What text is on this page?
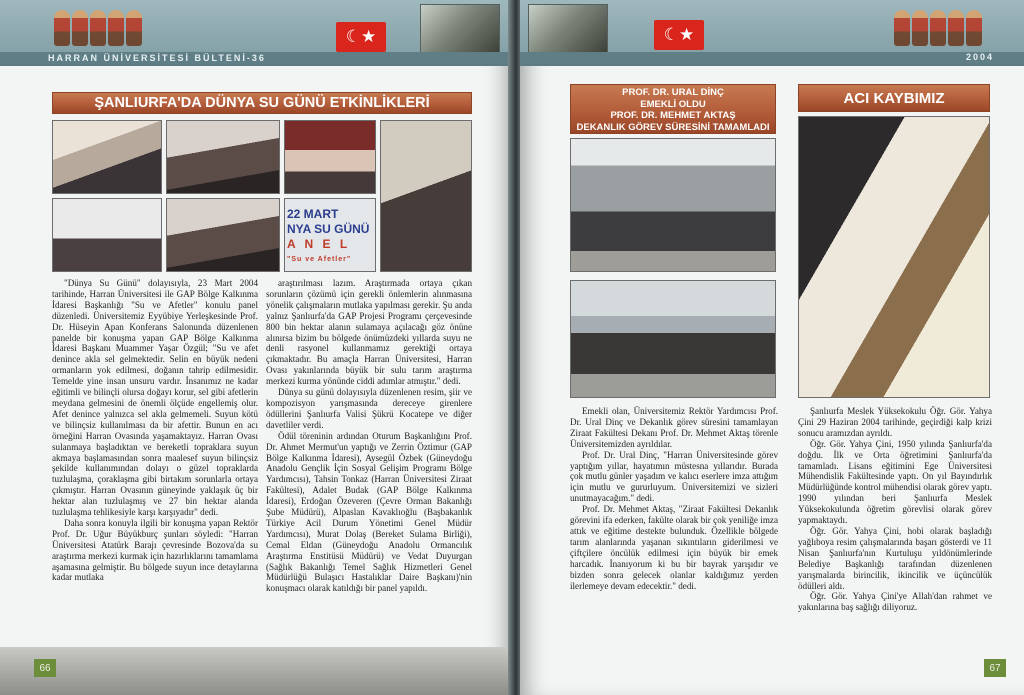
☾★
HARRAN ÜNİVERSİTESİ BÜLTENİ-36
ŞANLIURFA'DA DÜNYA SU GÜNÜ ETKİNLİKLERİ
22 MART
NYA SU GÜNÜ
A N E L
"Su ve Afetler"

"Dünya Su Günü" dolayısıyla, 23 Mart 2004 tarihinde, Harran Üniversitesi ile GAP Bölge Kalkınma İdaresi Başkanlığı "Su ve Afetler" konulu panel düzenledi. Üniversitemiz Eyyübiye Yerleşkesinde Prof. Dr. Hüseyin Apan Konferans Salonunda düzenlenen panelde bir konuşma yapan GAP Bölge Kalkınma İdaresi Başkanı Muammer Yaşar Özgül; "Su ve afet denince akla sel gelmektedir. Selin en büyük nedeni ormanların yok edilmesi, doğanın tahrip edilmesidir. Temelde yine insan unsuru vardır. İnsanımız ne kadar eğitimli ve bilinçli olursa doğayı korur, sel gibi afetlerin meydana gelmesini de önemli ölçüde engellemiş olur. Afet denince yalnızca sel akla gelmemeli. Suyun kötü ve bilinçsiz kullanılması da bir afettir. Bunun en acı örneğini Harran Ovasında yaşamaktayız. Harran Ovası sulanmaya başladıktan ve bereketli topraklara suyun akmaya başlamasından sonra maalesef suyun bilinçsiz şekilde kullanımından dolayı o güzel topraklarda tuzlulaşma, çoraklaşma gibi birtakım sorunlarla ortaya çıkmıştır. Harran Ovasının güneyinde yaklaşık üç bir hektar alan tuzlulaşmış ve 27 bin hektar alanda tuzlulaşma tehlikesiyle karşı karşıyadır" dedi.

Daha sonra konuyla ilgili bir konuşma yapan Rektör Prof. Dr. Uğur Büyükburç şunları söyledi: "Harran Üniversitesi Atatürk Barajı çevresinde Bozova'da su araştırma merkezi kurmak için hazırlıklarını tamamlama aşamasına gelmiştir. Bu bölgede suyun ince detaylarına kadar mutlaka

araştırılması lazım. Araştırmada ortaya çıkan sorunların çözümü için gerekli önlemlerin alınmasına yönelik çalışmaların mutlaka yapılması gerekir. Şu anda yalnız Şanlıurfa'da GAP Projesi Programı çerçevesinde 800 bin hektar alanın sulamaya açılacağı göz önüne alınırsa bizim bu bölgede önümüzdeki yıllarda suyu ne denli rasyonel kullanmamız gerektiği ortaya çıkmaktadır. Bu amaçla Harran Üniversitesi, Harran Ovası yakınlarında büyük bir sulu tarım araştırma merkezi kurma yönünde ciddi adımlar atmıştır." dedi.

Dünya su günü dolayısıyla düzenlenen resim, şiir ve kompozisyon yarışmasında dereceye girenlere ödüllerini Şanlıurfa Valisi Şükrü Kocatepe ve diğer davetliler verdi.

Ödül töreninin ardından Oturum Başkanlığını Prof. Dr. Ahmet Mermut'un yaptığı ve Zerrin Öztimur (GAP Bölge Kalkınma İdaresi), Aysegül Özbek (Güneydoğu Anadolu Gençlik İçin Sosyal Gelişim Programı Bölge Yardımcısı), Tahsin Tonkaz (Harran Üniversitesi Ziraat Fakültesi), Adalet Budak (GAP Bölge Kalkınma İdaresi), Erdoğan Özeveren (Çevre Orman Bakanlığı Şube Müdürü), Alpaslan Kavaklıoğlu (Başbakanlık Türkiye Acil Durum Yönetimi Genel Müdür Yardımcısı), Murat Dolaş (Bereket Sulama Birliği), Cemal Eldan (Güneydoğu Anadolu Ormancılık Araştırma Enstitüsü Müdürü) ve Vedat Duyurgan (Sağlık Bakanlığı Temel Sağlık Hizmetleri Genel Müdürlüğü Bulaşıcı Hastalıklar Daire Başkanı)'nin konuşmacı olarak katıldığı bir panel yapıldı.

66
☾★
2004
PROF. DR. URAL DİNÇ
EMEKLİ OLDU
PROF. DR. MEHMET AKTAŞ
DEKANLIK GÖREV SÜRESİNİ TAMAMLADI
ACI KAYBIMIZ

Emekli olan, Üniversitemiz Rektör Yardımcısı Prof. Dr. Ural Dinç ve Dekanlık görev süresini tamamlayan Ziraat Fakültesi Dekanı Prof. Dr. Mehmet Aktaş törenle Üniversitemizden ayrıldılar.

Prof. Dr. Ural Dinç, "Harran Üniversitesinde görev yaptığım yıllar, hayatımın müstesna yıllarıdır. Burada çok mutlu günler yaşadım ve kalıcı eserlere imza attığım için mutlu ve gururluyum. Üniversitemizi ve sizleri unutmayacağım." dedi.

Prof. Dr. Mehmet Aktaş, "Ziraat Fakültesi Dekanlık görevini ifa ederken, fakülte olarak bir çok yeniliğe imza attık ve eğitime destekte bulunduk. Özellikle bölgede tarım alanlarında yaşanan sıkıntıların giderilmesi ve çiftçilere öncülük edilmesi için büyük bir emek harcadık. İnanıyorum ki bu bir bayrak yarışıdır ve bizden sonra gelecek olanlar kaldığımız yerden ilerlemeye devam edecektir." dedi.

Şanlıurfa Meslek Yüksekokulu Öğr. Gör. Yahya Çini 29 Haziran 2004 tarihinde, geçirdiği kalp krizi sonucu aramızdan ayrıldı.

Öğr. Gör. Yahya Çini, 1950 yılında Şanlıurfa'da doğdu. İlk ve Orta öğretimini Şanlıurfa'da tamamladı. Lisans eğitimini Ege Üniversitesi Mühendislik Fakültesinde yaptı. On yıl Bayındırlık Müdürlüğünde kontrol mühendisi olarak görev yaptı. 1990 yılından beri Şanlıurfa Meslek Yüksekokulunda öğretim görevlisi olarak görev yapmaktaydı.

Öğr. Gör. Yahya Çini, hobi olarak başladığı yağlıboya resim çalışmalarında başarı gösterdi ve 11 Nisan Şanlıurfa'nın Kurtuluşu yıldönümlerinde Belediye Başkanlığı tarafından düzenlenen yarışmalarda birincilik, ikincilik ve üçüncülük ödülleri aldı.

Öğr. Gör. Yahya Çini'ye Allah'dan rahmet ve yakınlarına baş sağlığı diliyoruz.

67
